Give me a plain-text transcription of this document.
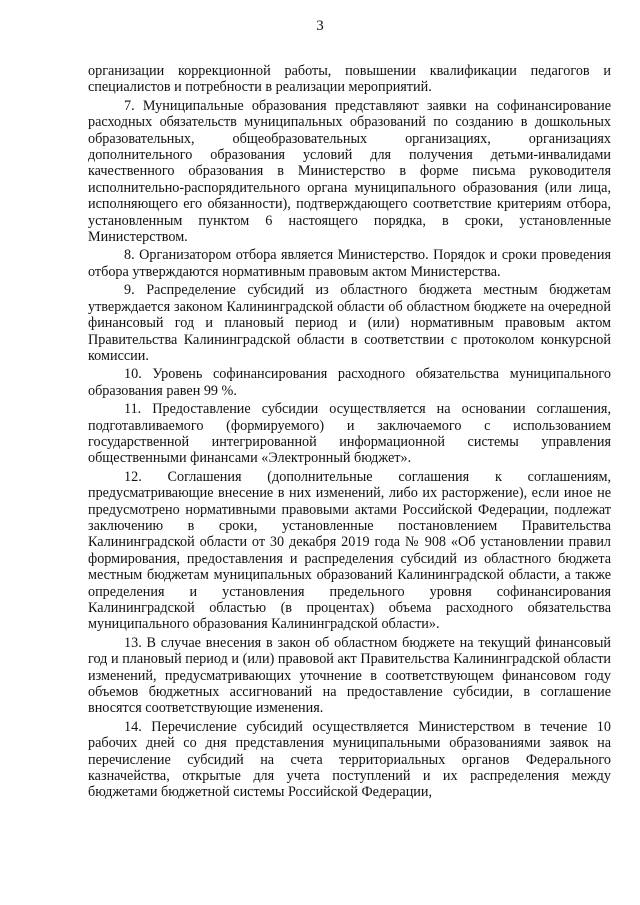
3

организации коррекционной работы, повышении квалификации педагогов и специалистов и потребности в реализации мероприятий.

7. Муниципальные образования представляют заявки на софинансирование расходных обязательств муниципальных образований по созданию в дошкольных образовательных, общеобразовательных организациях, организациях дополнительного образования условий для получения детьми-инвалидами качественного образования в Министерство в форме письма руководителя исполнительно-распорядительного органа муниципального образования (или лица, исполняющего его обязанности), подтверждающего соответствие критериям отбора, установленным пунктом 6 настоящего порядка, в сроки, установленные Министерством.

8. Организатором отбора является Министерство. Порядок и сроки проведения отбора утверждаются нормативным правовым актом Министерства.

9. Распределение субсидий из областного бюджета местным бюджетам утверждается законом Калининградской области об областном бюджете на очередной финансовый год и плановый период и (или) нормативным правовым актом Правительства Калининградской области в соответствии с протоколом конкурсной комиссии.

10. Уровень софинансирования расходного обязательства муниципального образования равен 99 %.

11. Предоставление субсидии осуществляется на основании соглашения, подготавливаемого (формируемого) и заключаемого с использованием государственной интегрированной информационной системы управления общественными финансами «Электронный бюджет».

12. Соглашения (дополнительные соглашения к соглашениям, предусматривающие внесение в них изменений, либо их расторжение), если иное не предусмотрено нормативными правовыми актами Российской Федерации, подлежат заключению в сроки, установленные постановлением Правительства Калининградской области от 30 декабря 2019 года № 908 «Об установлении правил формирования, предоставления и распределения субсидий из областного бюджета местным бюджетам муниципальных образований Калининградской области, а также определения и установления предельного уровня софинансирования Калининградской областью (в процентах) объема расходного обязательства муниципального образования Калининградской области».

13. В случае внесения в закон об областном бюджете на текущий финансовый год и плановый период и (или) правовой акт Правительства Калининградской области изменений, предусматривающих уточнение в соответствующем финансовом году объемов бюджетных ассигнований на предоставление субсидии, в соглашение вносятся соответствующие изменения.

14. Перечисление субсидий осуществляется Министерством в течение 10 рабочих дней со дня представления муниципальными образованиями заявок на перечисление субсидий на счета территориальных органов Федерального казначейства, открытые для учета поступлений и их распределения между бюджетами бюджетной системы Российской Федерации,
